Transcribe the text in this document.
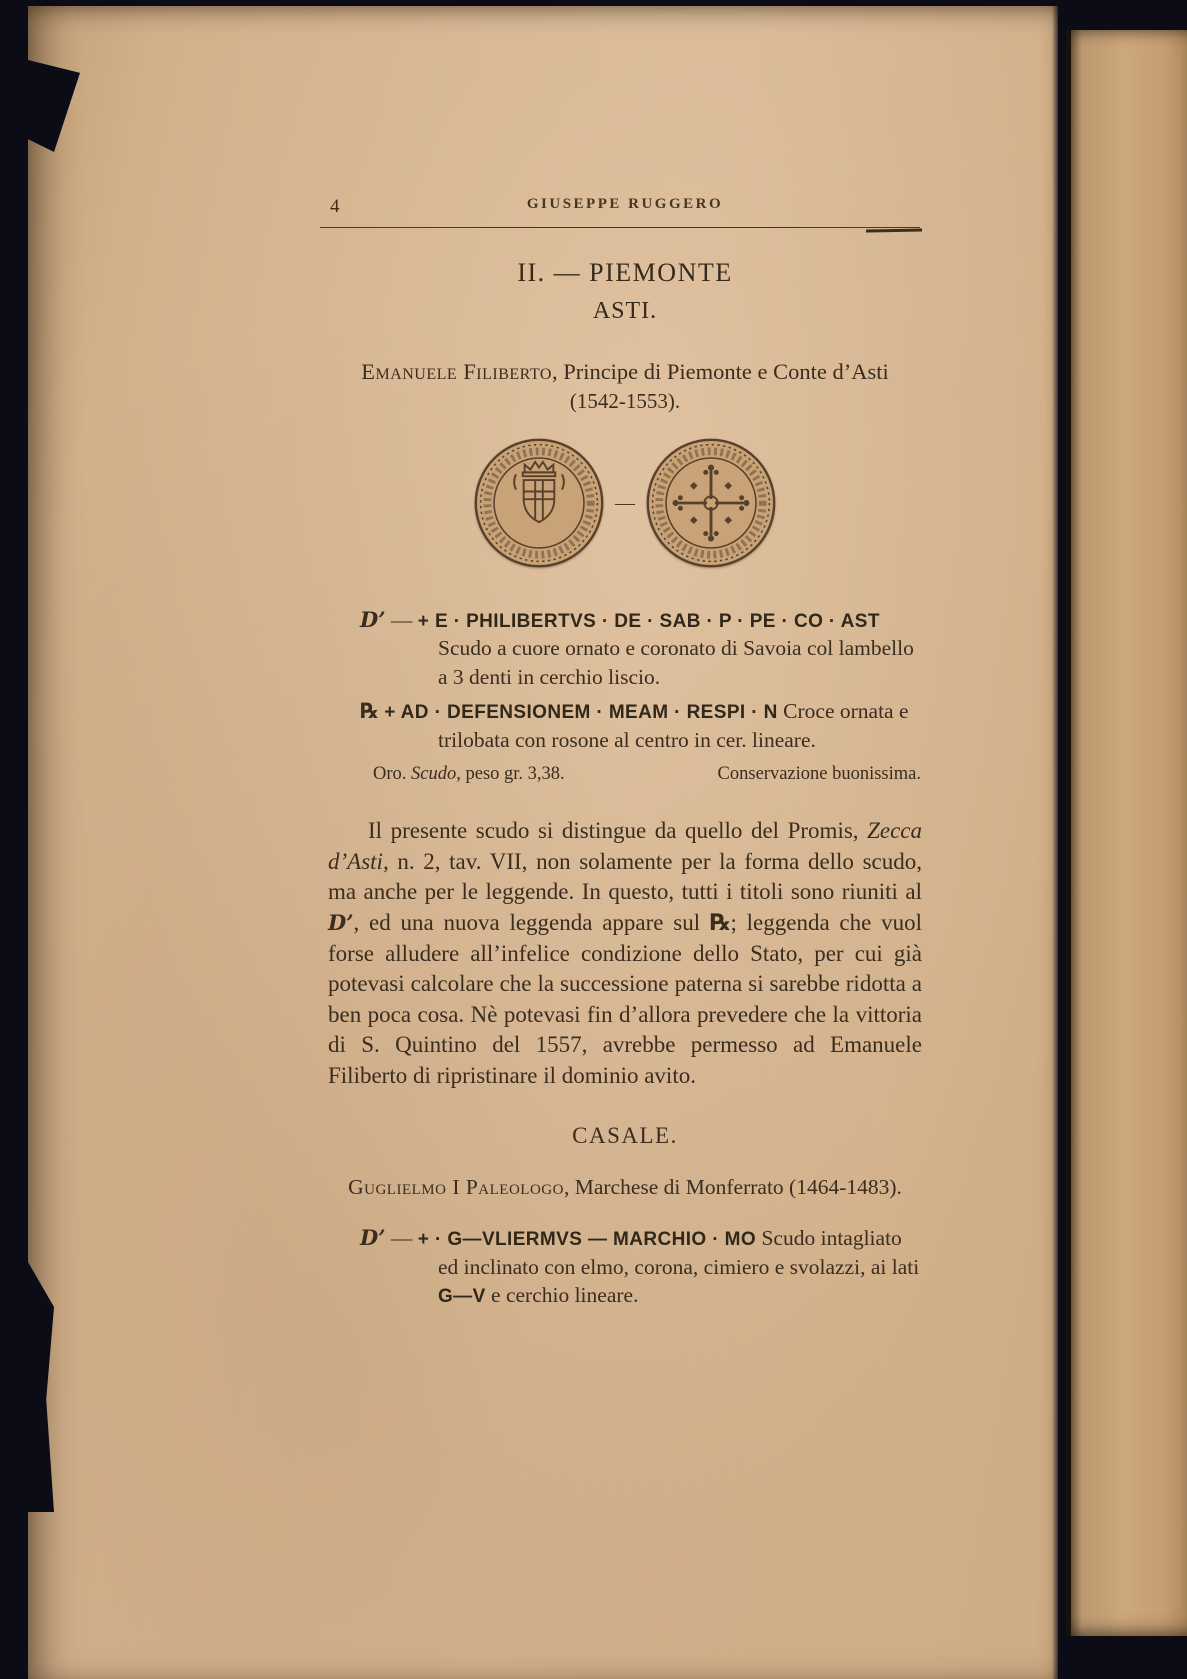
4	GIUSEPPE RUGGERO
II. — PIEMONTE
ASTI.
Emanuele Filiberto, Principe di Piemonte e Conte d’Asti
(1542-1553).
—
D’ — + E · PHILIBERTVS · DE · SAB · P · PE · CO · AST Scudo a cuore ornato e coronato di Savoia col lambello a 3 denti in cerchio liscio.
℞ + AD · DEFENSIONEM · MEAM · RESPI · N Croce ornata e trilobata con rosone al centro in cer. lineare.
Oro. Scudo, peso gr. 3,38.	Conservazione buonissima.

Il presente scudo si distingue da quello del Promis, Zecca d’Asti, n. 2, tav. VII, non solamente per la forma dello scudo, ma anche per le leggende. In questo, tutti i titoli sono riuniti al D’, ed una nuova leggenda appare sul ℞; leggenda che vuol forse alludere all’infelice condizione dello Stato, per cui già potevasi calcolare che la successione paterna si sarebbe ridotta a ben poca cosa. Nè potevasi fin d’allora prevedere che la vittoria di S. Quintino del 1557, avrebbe permesso ad Emanuele Filiberto di ripristinare il dominio avito.

CASALE.
Guglielmo I Paleologo, Marchese di Monferrato (1464-1483).
D’ — + · G—VLIERMVS — MARCHIO · MO Scudo intagliato ed inclinato con elmo, corona, cimiero e svolazzi, ai lati G—V e cerchio lineare.
